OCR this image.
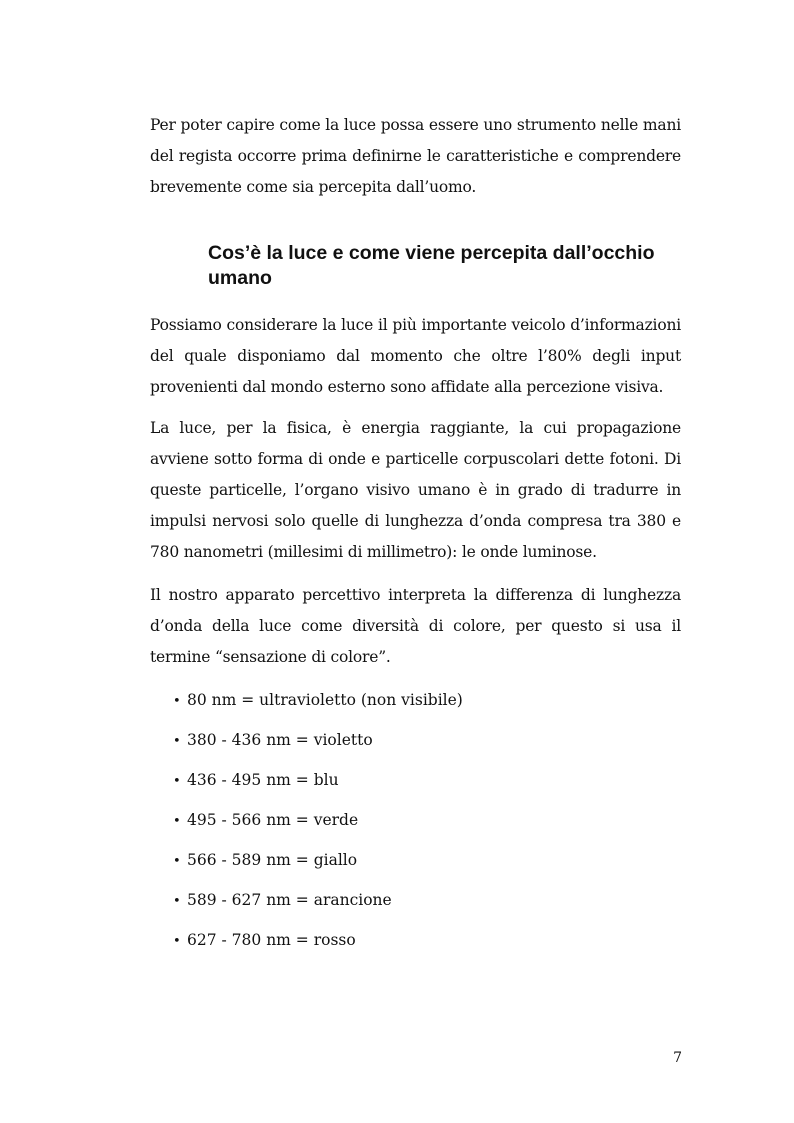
Per poter capire come la luce possa essere uno strumento nelle mani del regista occorre prima definirne le caratteristiche e comprendere brevemente come sia percepita dall’uomo.

Cos’è la luce e come viene percepita dall’occhio umano

Possiamo considerare la luce il più importante veicolo d’informazioni del quale disponiamo dal momento che oltre l’80% degli input provenienti dal mondo esterno sono affidate alla percezione visiva.

La luce, per la fisica, è energia raggiante, la cui propagazione avviene sotto forma di onde e particelle corpuscolari dette fotoni. Di queste particelle, l’organo visivo umano è in grado di tradurre in impulsi nervosi solo quelle di lunghezza d’onda compresa tra 380 e 780 nanometri (millesimi di millimetro): le onde luminose.

Il nostro apparato percettivo interpreta la differenza di lunghezza d’onda della luce come diversità di colore, per questo si usa il termine “sensazione di colore”.

• 80 nm = ultravioletto (non visibile)
• 380 - 436 nm = violetto
• 436 - 495 nm = blu
• 495 - 566 nm = verde
• 566 - 589 nm = giallo
• 589 - 627 nm = arancione
• 627 - 780 nm = rosso
7
